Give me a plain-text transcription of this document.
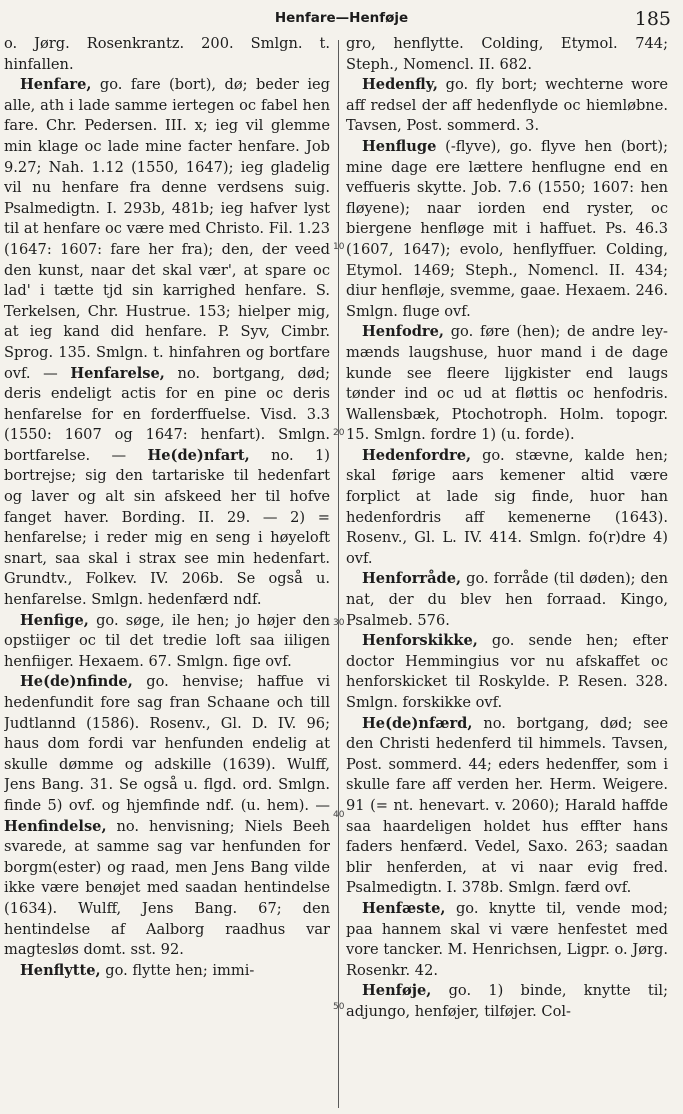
Henfare—Henføje	185
10
20
30
40
50

o. Jørg. Rosenkrantz. 200. Smlgn. t. hinfallen.

Henfare, go. fare (bort), dø; beder ieg alle, ath i lade samme iertegen oc fabel hen fare. Chr. Pedersen. III. x; ieg vil glemme min klage oc lade mine facter henfare. Job 9.27; Nah. 1.12 (1550, 1647); ieg gladelig vil nu henfare fra denne verdsens suig. Psalmedigtn. I. 293b, 481b; ieg hafver lyst til at henfare oc være med Christo. Fil. 1.23 (1647: 1607: fare her fra); den, der veed den kunst, naar det skal vær', at spare oc lad' i tætte tjd sin karrighed henfare. S. Terkelsen, Chr. Hustrue. 153; hielper mig, at ieg kand did henfare. P. Syv, Cimbr. Sprog. 135. Smlgn. t. hinfahren og bortfare ovf. — Henfarelse, no. bortgang, død; deris endeligt actis for en pine oc deris henfarelse for en forderffuelse. Visd. 3.3 (1550: 1607 og 1647: henfart). Smlgn. bortfarelse. — He(de)nfart, no. 1) bortrejse; sig den tartariske til hedenfart og laver og alt sin afskeed her til hofve fanget haver. Bording. II. 29. — 2) = henfarelse; i reder mig en seng i høyeloft snart, saa skal i strax see min hedenfart. Grundtv., Folkev. IV. 206b. Se også u. henfarelse. Smlgn. hedenfærd ndf.

Henfige, go. søge, ile hen; jo højer den opstiiger oc til det tredie loft saa iiligen henfiiger. Hexaem. 67. Smlgn. fige ovf.

He(de)nfinde, go. henvise; haffue vi hedenfundit fore sag fran Schaane och till Judtlannd (1586). Rosenv., Gl. D. IV. 96; haus dom fordi var henfunden endelig at skulle dømme og adskille (1639). Wulff, Jens Bang. 31. Se også u. flgd. ord. Smlgn. finde 5) ovf. og hjemfinde ndf. (u. hem). — Henfindelse, no. henvisning; Niels Beeh svarede, at samme sag var henfunden for borgm(ester) og raad, men Jens Bang vilde ikke være benøjet med saadan hentindelse (1634). Wulff, Jens Bang. 67; den hentindelse af Aalborg raadhus var magtesløs domt. sst. 92.

Henflytte, go. flytte hen; immi-

gro, henflytte. Colding, Etymol. 744; Steph., Nomencl. II. 682.

Hedenfly, go. fly bort; wechterne wore aff redsel der aff hedenflyde oc hiemløbne. Tavsen, Post. sommerd. 3.

Henfluge (-flyve), go. flyve hen (bort); mine dage ere lættere henflugne end en veffueris skytte. Job. 7.6 (1550; 1607: hen fløyene); naar iorden end ryster, oc biergene henfløge mit i haffuet. Ps. 46.3 (1607, 1647); evolo, henflyffuer. Colding, Etymol. 1469; Steph., Nomencl. II. 434; diur henfløje, svemme, gaae. Hexaem. 246. Smlgn. fluge ovf.

Henfodre, go. føre (hen); de andre ley-mænds laugshuse, huor mand i de dage kunde see fleere lijgkister end laugs tønder ind oc ud at fløttis oc henfodris. Wallensbæk, Ptochotroph. Holm. topogr. 15. Smlgn. fordre 1) (u. forde).

Hedenfordre, go. stævne, kalde hen; skal førige aars kemener altid være forplict at lade sig finde, huor han hedenfordris aff kemenerne (1643). Rosenv., Gl. L. IV. 414. Smlgn. fo(r)dre 4) ovf.

Henforråde, go. forråde (til døden); den nat, der du blev hen forraad. Kingo, Psalmeb. 576.

Henforskikke, go. sende hen; efter doctor Hemmingius vor nu afskaffet oc henforskicket til Roskylde. P. Resen. 328. Smlgn. forskikke ovf.

He(de)nfærd, no. bortgang, død; see den Christi hedenferd til himmels. Tavsen, Post. sommerd. 44; eders hedenffer, som i skulle fare aff verden her. Herm. Weigere. 91 (= nt. henevart. v. 2060); Harald haffde saa haardeligen holdet hus effter hans faders henfærd. Vedel, Saxo. 263; saadan blir henferden, at vi naar evig fred. Psalmedigtn. I. 378b. Smlgn. færd ovf.

Henfæste, go. knytte til, vende mod; paa hannem skal vi være henfestet med vore tancker. M. Henrichsen, Ligpr. o. Jørg. Rosenkr. 42.

Henføje, go. 1) binde, knytte til; adjungo, henføjer, tilføjer. Col-
